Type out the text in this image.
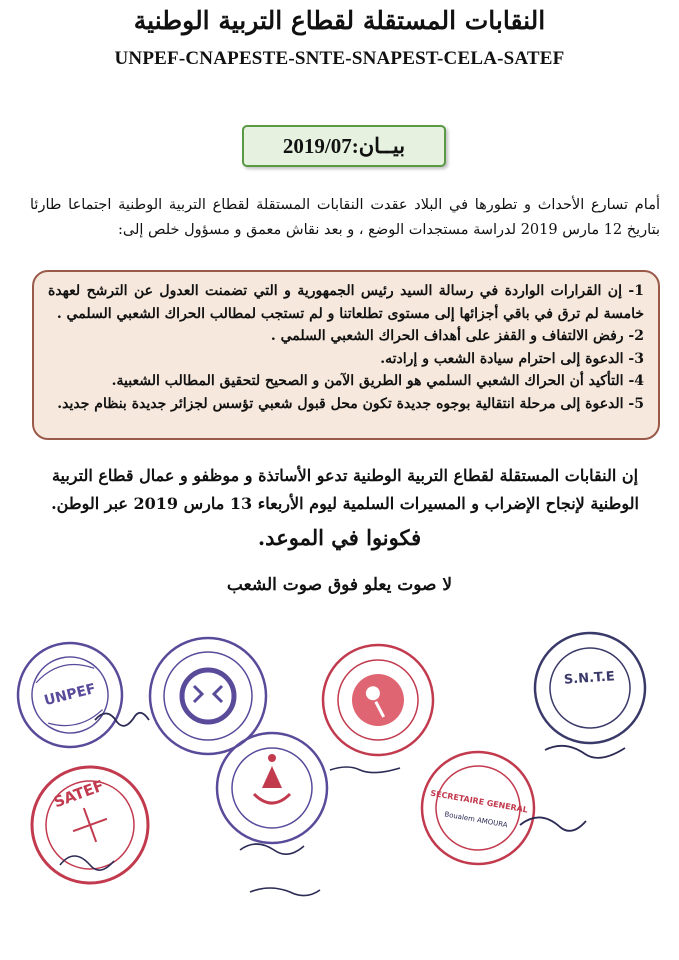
النقابات المستقلة لقطاع التربية الوطنية
UNPEF-CNAPESTE-SNTE-SNAPEST-CELA-SATEF
بيــان:2019/07
أمام تسارع الأحداث و تطورها في البلاد عقدت النقابات المستقلة لقطاع التربية الوطنية اجتماعا طارئا بتاريخ 12 مارس 2019 لدراسة مستجدات الوضع ، و بعد نقاش معمق و مسؤول خلص إلى:
1- إن القرارات الواردة في رسالة السيد رئيس الجمهورية و التي تضمنت العدول عن الترشح لعهدة خامسة لم ترق في باقي أجزائها إلى مستوى تطلعاتنا و لم تستجب لمطالب الحراك الشعبي السلمي .
2- رفض الالتفاف و القفز على أهداف الحراك الشعبي السلمي .
3- الدعوة إلى احترام سيادة الشعب و إرادته.
4- التأكيد أن الحراك الشعبي السلمي هو الطريق الآمن و الصحيح لتحقيق المطالب الشعبية.
5- الدعوة إلى مرحلة انتقالية بوجوه جديدة تكون محل قبول شعبي تؤسس لجزائر جديدة بنظام جديد.
إن النقابات المستقلة لقطاع التربية الوطنية تدعو الأساتذة و موظفو و عمال قطاع التربية الوطنية لإنجاح الإضراب و المسيرات السلمية ليوم الأربعاء 13 مارس 2019 عبر الوطن.
فكونوا في الموعد.
لا صوت يعلو فوق صوت الشعب
UNPEF
S.N.T.E
SATEF	SECRETAIRE GENERAL
Boualem AMOURA
